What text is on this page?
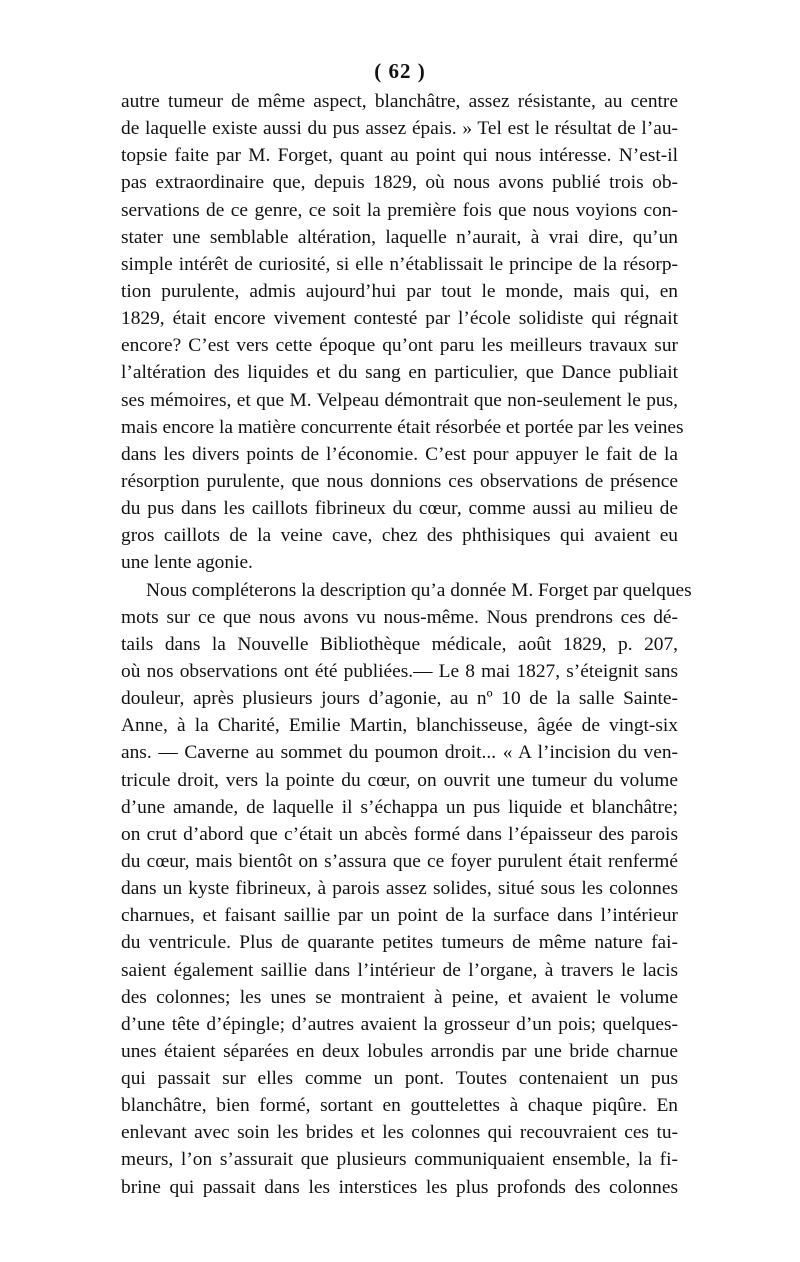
( 62 )
autre tumeur de même aspect, blanchâtre, assez résistante, au centre
de laquelle existe aussi du pus assez épais. » Tel est le résultat de l’au-
topsie faite par M. Forget, quant au point qui nous intéresse. N’est-il
pas extraordinaire que, depuis 1829, où nous avons publié trois ob-
servations de ce genre, ce soit la première fois que nous voyions con-
stater une semblable altération, laquelle n’aurait, à vrai dire, qu’un
simple intérêt de curiosité, si elle n’établissait le principe de la résorp-
tion purulente, admis aujourd’hui par tout le monde, mais qui, en
1829, était encore vivement contesté par l’école solidiste qui régnait
encore? C’est vers cette époque qu’ont paru les meilleurs travaux sur
l’altération des liquides et du sang en particulier, que Dance publiait
ses mémoires, et que M. Velpeau démontrait que non-seulement le pus,
mais encore la matière concurrente était résorbée et portée par les veines
dans les divers points de l’économie. C’est pour appuyer le fait de la
résorption purulente, que nous donnions ces observations de présence
du pus dans les caillots fibrineux du cœur, comme aussi au milieu de
gros caillots de la veine cave, chez des phthisiques qui avaient eu
une lente agonie.
Nous compléterons la description qu’a donnée M. Forget par quelques
mots sur ce que nous avons vu nous-même. Nous prendrons ces dé-
tails dans la Nouvelle Bibliothèque médicale, août 1829, p. 207,
où nos observations ont été publiées.— Le 8 mai 1827, s’éteignit sans
douleur, après plusieurs jours d’agonie, au nº 10 de la salle Sainte-
Anne, à la Charité, Emilie Martin, blanchisseuse, âgée de vingt-six
ans. — Caverne au sommet du poumon droit... « A l’incision du ven-
tricule droit, vers la pointe du cœur, on ouvrit une tumeur du volume
d’une amande, de laquelle il s’échappa un pus liquide et blanchâtre;
on crut d’abord que c’était un abcès formé dans l’épaisseur des parois
du cœur, mais bientôt on s’assura que ce foyer purulent était renfermé
dans un kyste fibrineux, à parois assez solides, situé sous les colonnes
charnues, et faisant saillie par un point de la surface dans l’intérieur
du ventricule. Plus de quarante petites tumeurs de même nature fai-
saient également saillie dans l’intérieur de l’organe, à travers le lacis
des colonnes; les unes se montraient à peine, et avaient le volume
d’une tête d’épingle; d’autres avaient la grosseur d’un pois; quelques-
unes étaient séparées en deux lobules arrondis par une bride charnue
qui passait sur elles comme un pont. Toutes contenaient un pus
blanchâtre, bien formé, sortant en gouttelettes à chaque piqûre. En
enlevant avec soin les brides et les colonnes qui recouvraient ces tu-
meurs, l’on s’assurait que plusieurs communiquaient ensemble, la fi-
brine qui passait dans les interstices les plus profonds des colonnes
